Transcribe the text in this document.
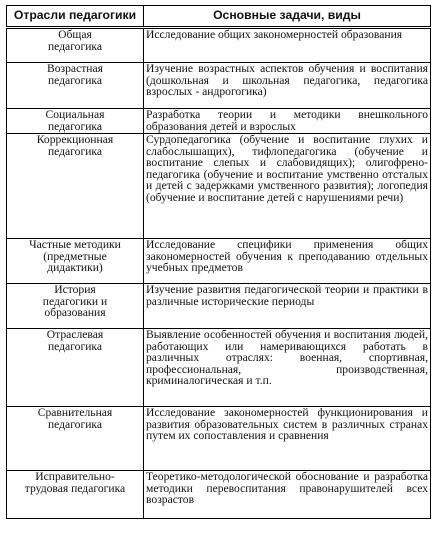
Отрасли педагогики	Основные задачи, виды
Общая педагогика	Исследование общих закономерностей образования
Возрастная педагогика	Изучение возрастных аспектов обучения и воспитания (дошкольная и школьная педагогика, педагогика взрослых - андрогогика)
Социальная педагогика	Разработка теории и методики внешкольного образования детей и взрослых
Коррекционная педагогика	Сурдопедагогика (обучение и воспитание глухих и слабослышащих), тифлопедагогика (обучение и воспитание слепых и слабовидящих); олигофрено-педагогика (обучение и воспитание умственно отсталых и детей с задержками умственного развития); логопедия (обучение и воспитание детей с нарушениями речи)
Частные методики (предметные дидактики)	Исследование специфики применения общих закономерностей обучения к преподаванию отдельных учебных предметов
История педагогики и образования	Изучение развития педагогической теории и практики в различные исторические периоды
Отраслевая педагогика	Выявление особенностей обучения и воспитания людей, работающих или намеривающихся работать в различных отраслях: военная, спортивная, профессиональная, производственная, криминалогическая и т.п.
Сравнительная педагогика	Исследование закономерностей функционирования и развития образовательных систем в различных странах путем их сопоставления и сравнения
Исправительно-трудовая педагогика	Теоретико-методологической обоснование и разработка методики перевоспитания правонарушителей всех возрастов
